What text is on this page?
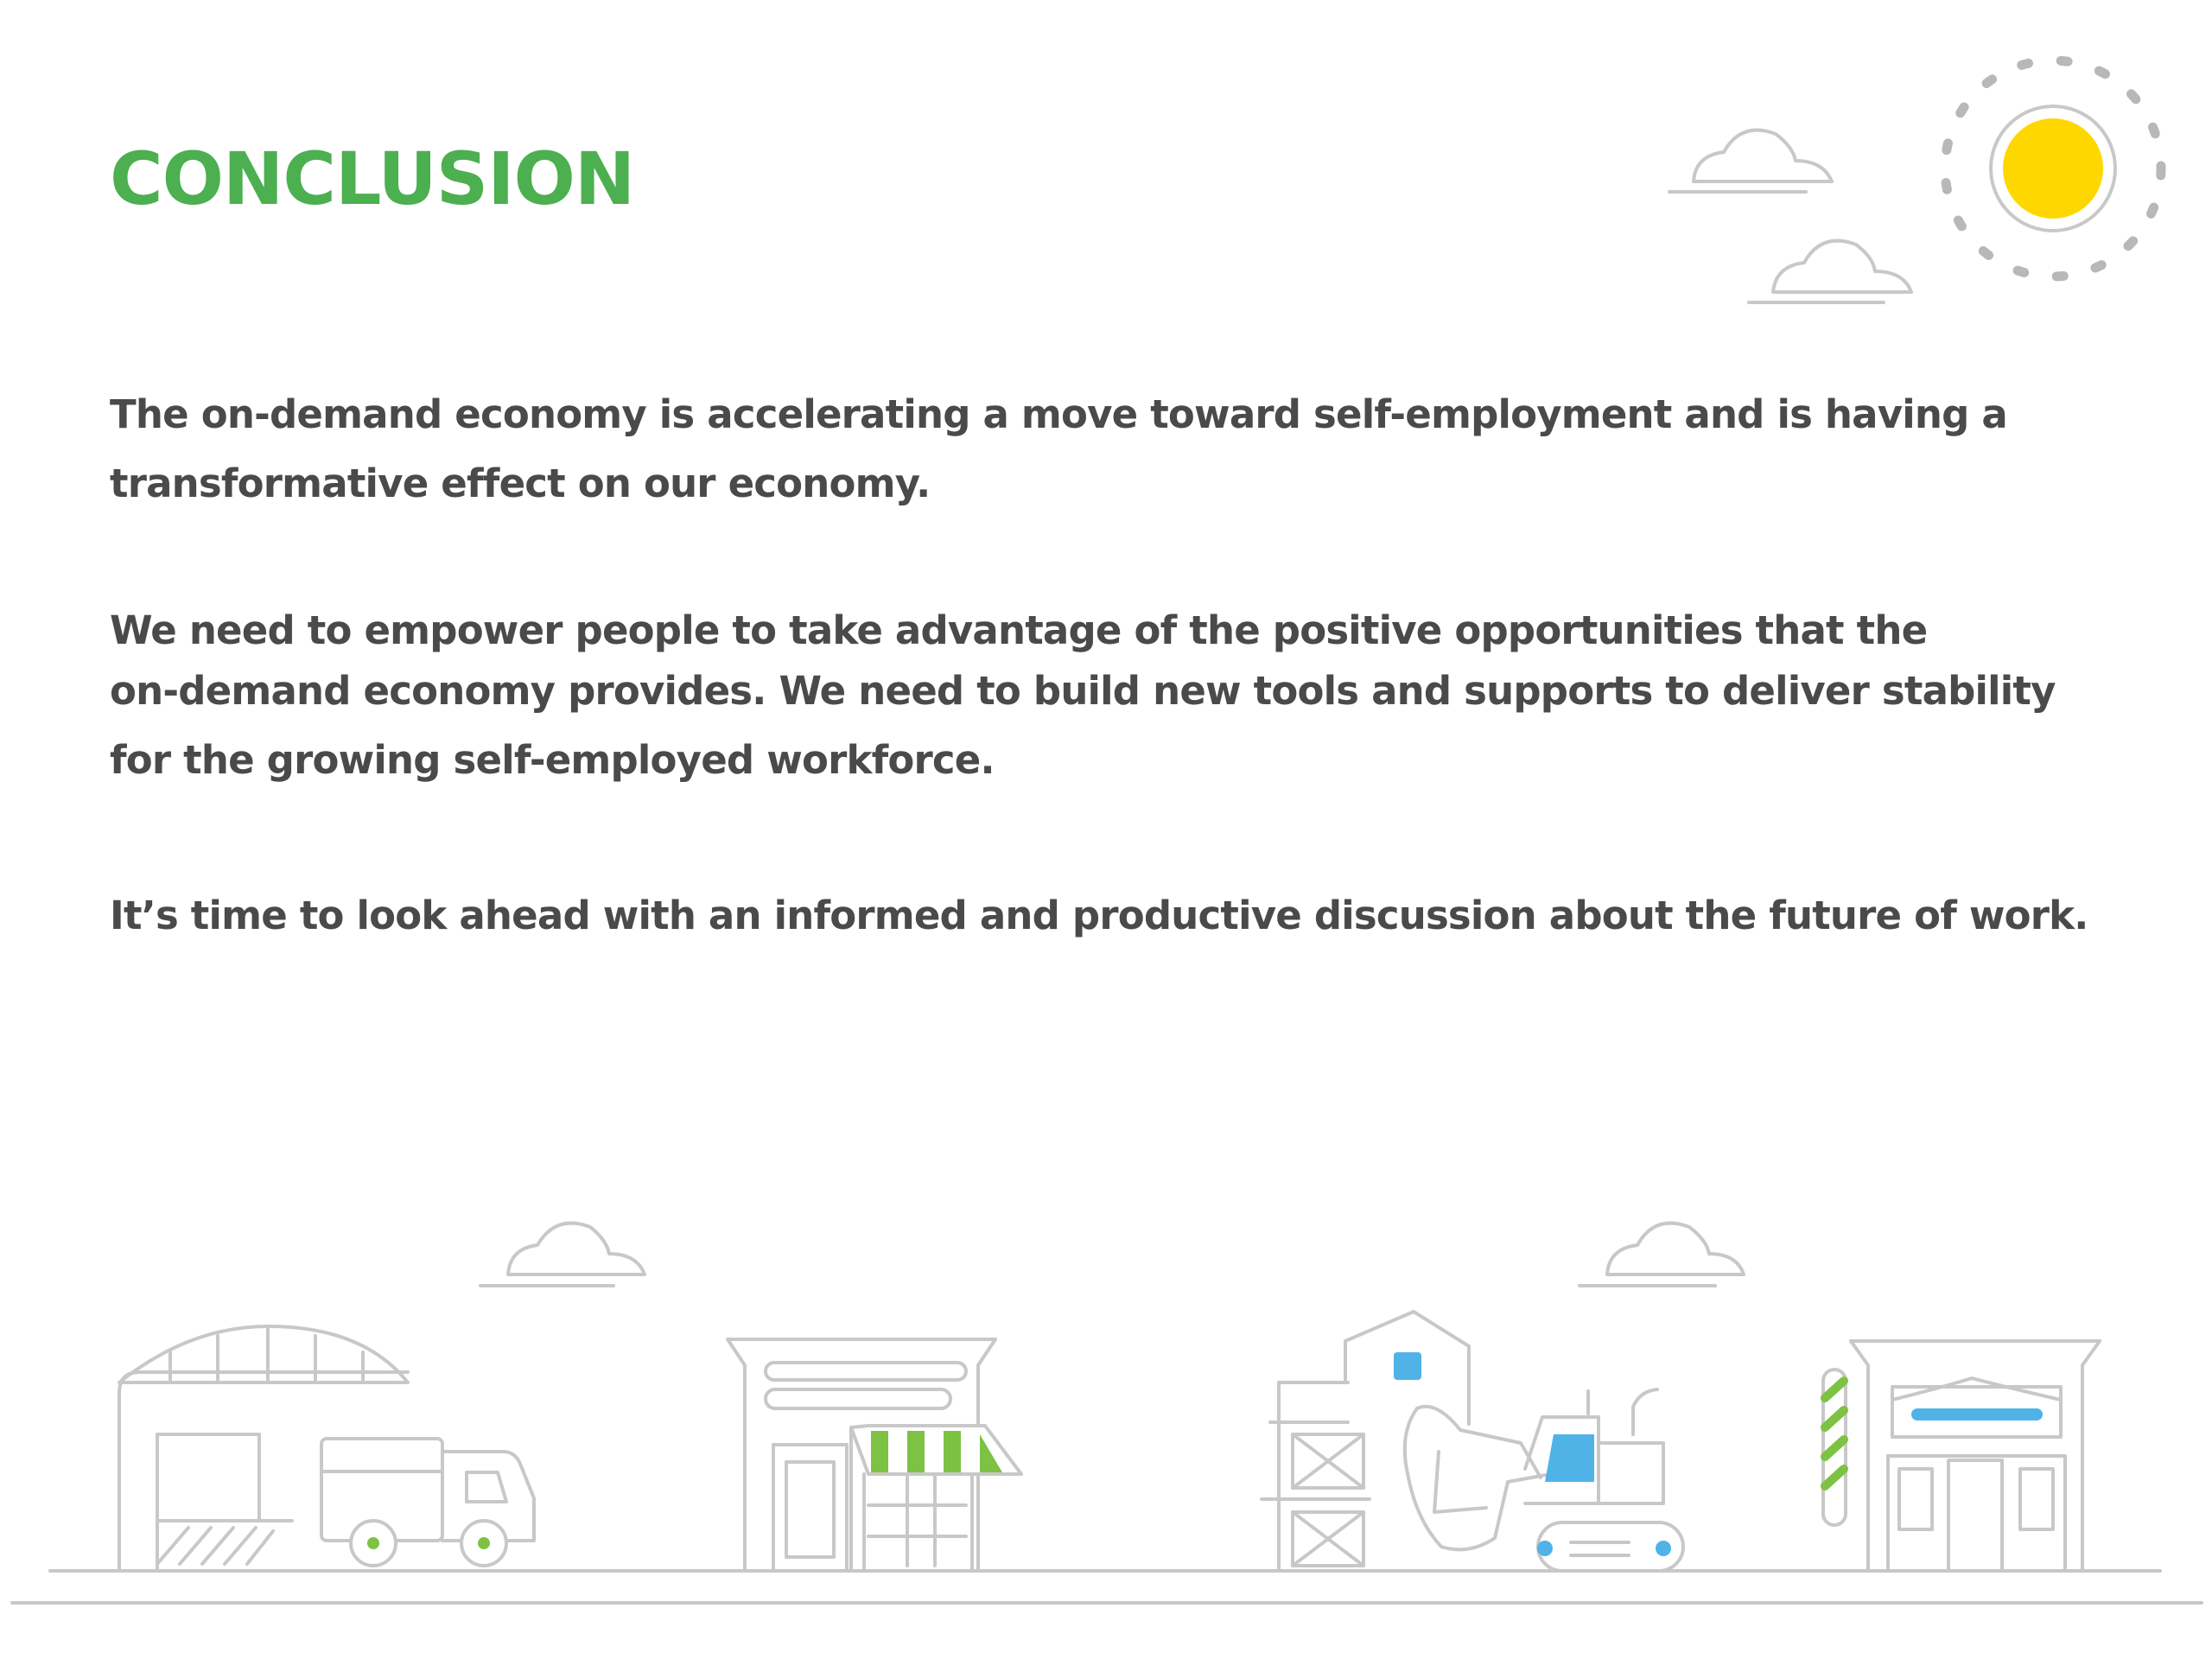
CONCLUSION
The on-demand economy is accelerating a move toward self-employment and is having a
transformative effect on our economy.
We need to empower people to take advantage of the positive opportunities that the
on-demand economy provides. We need to build new tools and supports to deliver stability
for the growing self-employed workforce.
It’s time to look ahead with an informed and productive discussion about the future of work.
